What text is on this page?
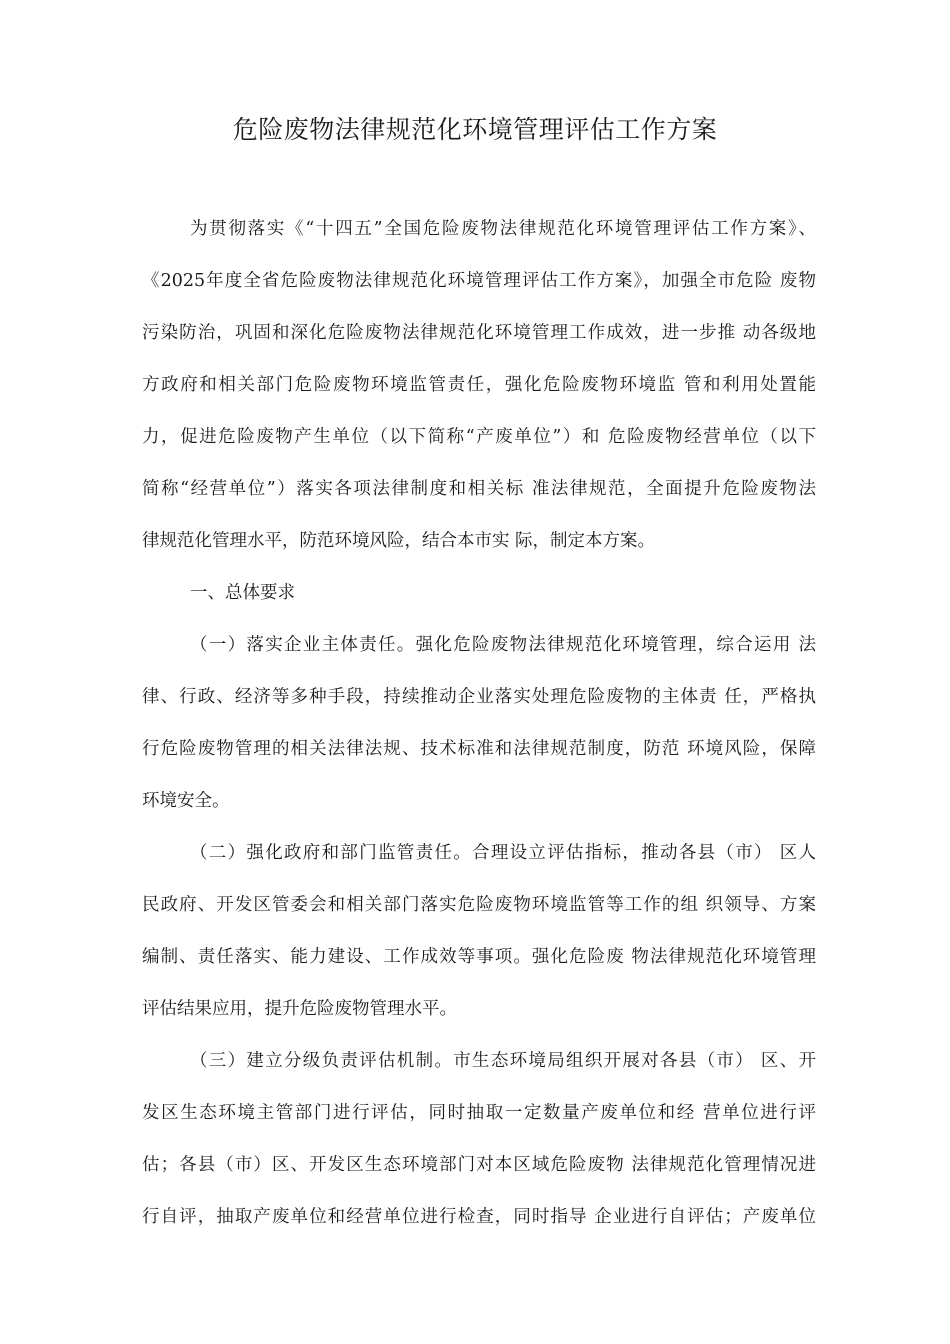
危险废物法律规范化环境管理评估工作方案
为贯彻落实《“十四五”全国危险废物法律规范化环境管理评估工作方案》、
《2025年度全省危险废物法律规范化环境管理评估工作方案》，加强全市危险 废物
污染防治，巩固和深化危险废物法律规范化环境管理工作成效，进一步推 动各级地
方政府和相关部门危险废物环境监管责任，强化危险废物环境监 管和利用处置能
力，促进危险废物产生单位（以下简称“产废单位”）和 危险废物经营单位（以下
简称“经营单位”）落实各项法律制度和相关标 准法律规范，全面提升危险废物法
律规范化管理水平，防范环境风险，结合本市实 际，制定本方案。
一、总体要求
（一）落实企业主体责任。强化危险废物法律规范化环境管理，综合运用 法
律、行政、经济等多种手段，持续推动企业落实处理危险废物的主体责 任，严格执
行危险废物管理的相关法律法规、技术标准和法律规范制度，防范 环境风险，保障
环境安全。
（二）强化政府和部门监管责任。合理设立评估指标，推动各县（市） 区人
民政府、开发区管委会和相关部门落实危险废物环境监管等工作的组 织领导、方案
编制、责任落实、能力建设、工作成效等事项。强化危险废 物法律规范化环境管理
评估结果应用，提升危险废物管理水平。
（三）建立分级负责评估机制。市生态环境局组织开展对各县（市） 区、开
发区生态环境主管部门进行评估，同时抽取一定数量产废单位和经 营单位进行评
估；各县（市）区、开发区生态环境部门对本区域危险废物 法律规范化管理情况进
行自评，抽取产废单位和经营单位进行检查，同时指导 企业进行自评估；产废单位
